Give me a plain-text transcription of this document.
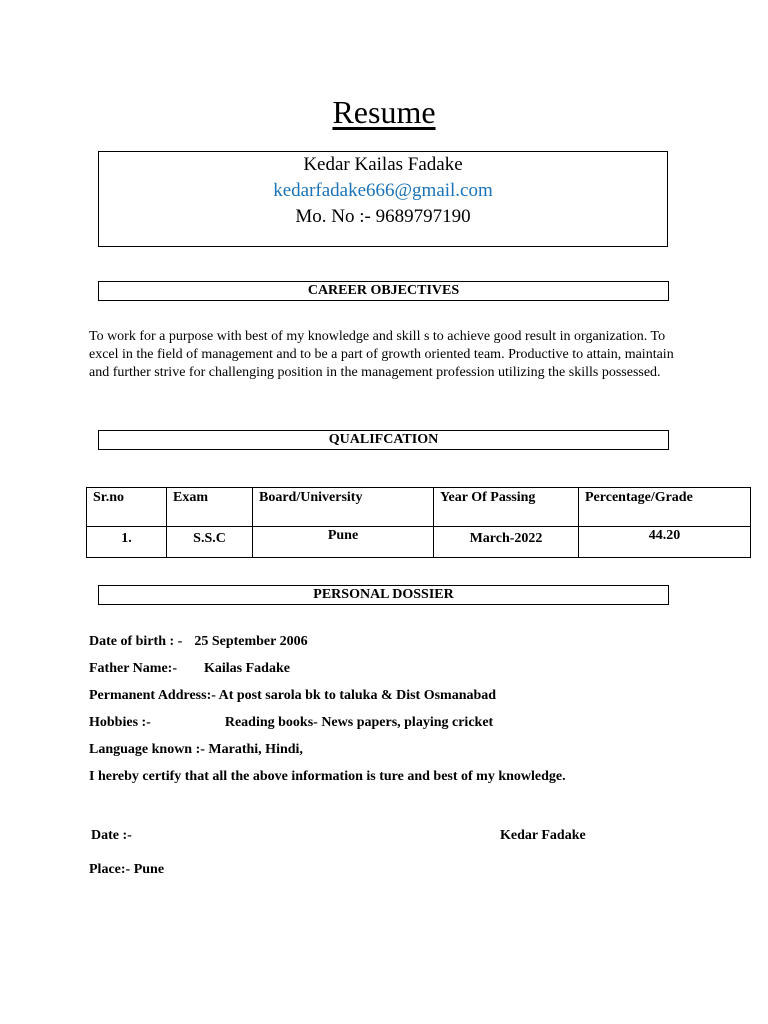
Resume
Kedar Kailas Fadake
kedarfadake666@gmail.com
Mo. No :- 9689797190
CAREER OBJECTIVES
To work for a purpose with best of my knowledge and skill s to achieve good result in organization. To
excel in the field of management and to be a part of growth oriented team. Productive to attain, maintain
and further strive for challenging position in the management profession utilizing the skills possessed.
QUALIFCATION
Sr.no	Exam	Board/University	Year Of Passing	Percentage/Grade
1.	S.S.C	Pune	March-2022	44.20
PERSONAL DOSSIER
Date of birth : - 25 September 2006
Father Name:- Kailas Fadake
Permanent Address:- At post sarola bk to taluka & Dist Osmanabad
Hobbies :-	Reading books- News papers, playing cricket
Language known :- Marathi, Hindi,
I hereby certify that all the above information is ture and best of my knowledge.
Date :-	Kedar Fadake
Place:- Pune
